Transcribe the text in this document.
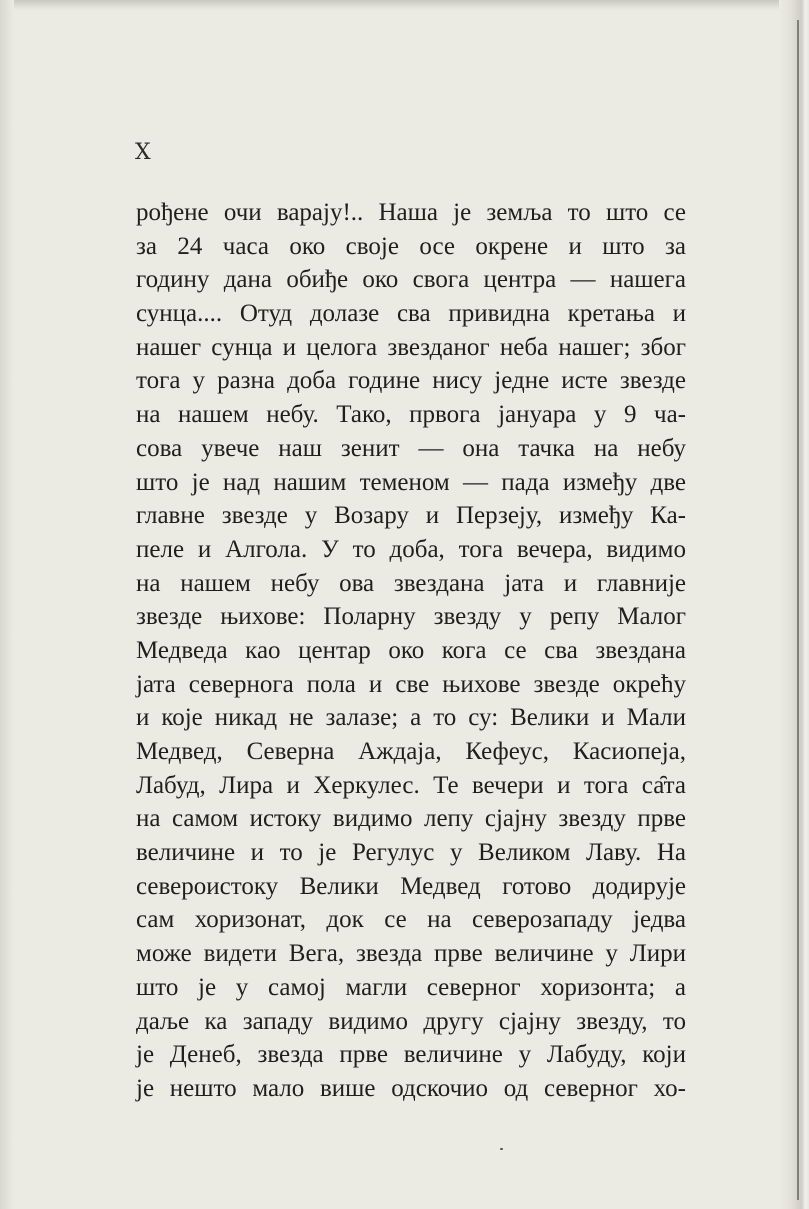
X
рођене очи варају!.. Наша је земља то што се
за 24 часа око своје осе окрене и што за
годину дана обиђе око свога центра — нашега
сунца.... Отуд долазе сва привидна кретања и
нашег сунца и целога звезданог неба нашег; због
тога у разна доба године нису једне исте звезде
на нашем небу. Тако, првога јануара у 9 ча-
сова увече наш зенит — она тачка на небу
што је над нашим теменом — пада између две
главне звезде у Возару и Перзеју, између Ка-
пеле и Алгола. У то доба, тога вечера, видимо
на нашем небу ова звездана јата и главније
звезде њихове: Поларну звезду у репу Малог
Медведа као центар око кога се сва звездана
јата севернога пола и све њихове звезде окрећу
и које никад не залазе; а то су: Велики и Мали
Медвед, Северна Аждаја, Кефеус, Касиопеја,
Лабуд, Лира и Херкулес. Те вечери и тога са̑та
на самом истоку видимо лепу сјајну звезду прве
величине и то је Регулус у Великом Лаву. На
североистоку Велики Медвед готово додирује
сам хоризонат, док се на северозападу једва
може видети Вега, звезда прве величине у Лири
што је у самој магли северног хоризонта; а
даље ка западу видимо другу сјајну звезду, то
је Денеб, звезда прве величине у Лабуду, који
је нешто мало више одскочио од северног хо-
